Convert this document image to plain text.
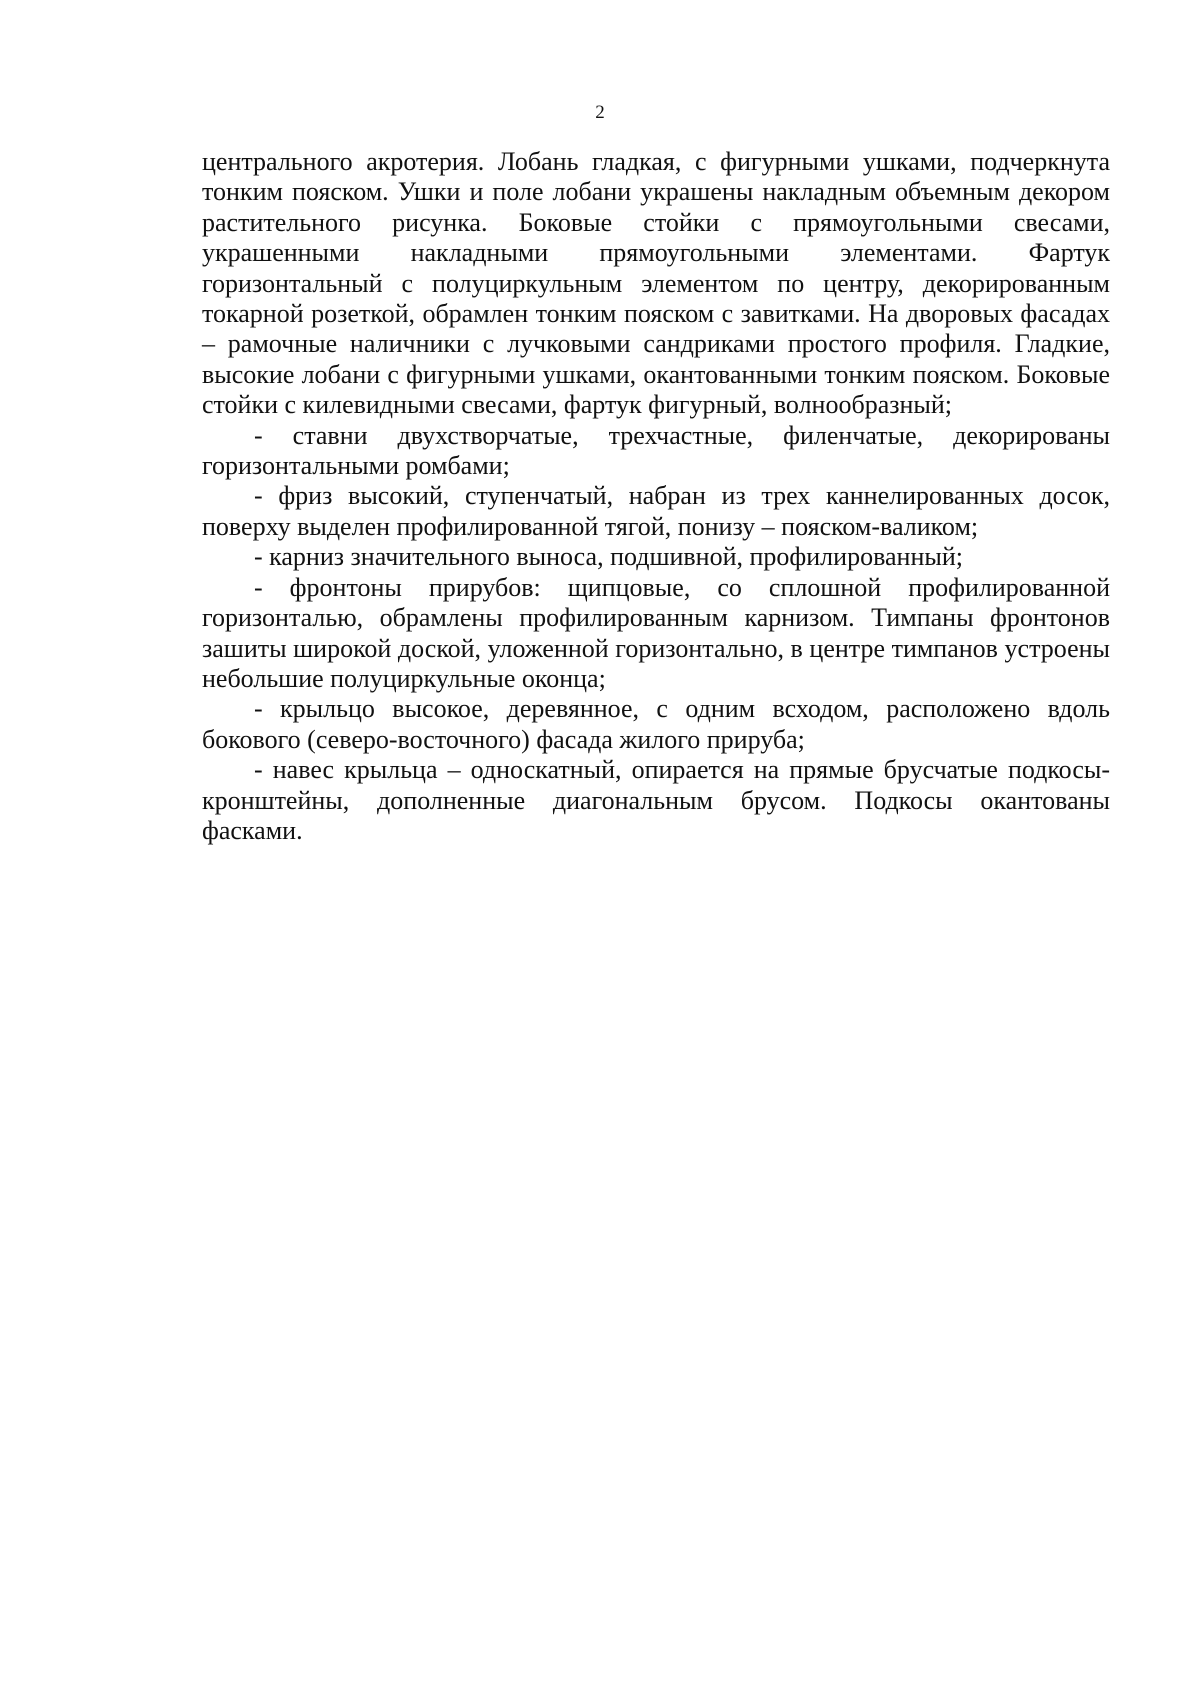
2

центрального акротерия. Лобань гладкая, с фигурными ушками, подчеркнута тонким пояском. Ушки и поле лобани украшены накладным объемным декором растительного рисунка. Боковые стойки с прямоугольными свесами, украшенными накладными прямоугольными элементами. Фартук горизонтальный с полуциркульным элементом по центру, декорированным токарной розеткой, обрамлен тонким пояском с завитками. На дворовых фасадах – рамочные наличники с лучковыми сандриками простого профиля. Гладкие, высокие лобани с фигурными ушками, окантованными тонким пояском. Боковые стойки с килевидными свесами, фартук фигурный, волнообразный;

- ставни двухстворчатые, трехчастные, филенчатые, декорированы горизонтальными ромбами;

- фриз высокий, ступенчатый, набран из трех каннелированных досок, поверху выделен профилированной тягой, понизу – пояском-валиком;

- карниз значительного выноса, подшивной, профилированный;

- фронтоны прирубов: щипцовые, со сплошной профилированной горизонталью, обрамлены профилированным карнизом. Тимпаны фронтонов зашиты широкой доской, уложенной горизонтально, в центре тимпанов устроены небольшие полуциркульные оконца;

- крыльцо высокое, деревянное, с одним всходом, расположено вдоль бокового (северо-восточного) фасада жилого прируба;

- навес крыльца – односкатный, опирается на прямые брусчатые подкосы-кронштейны, дополненные диагональным брусом. Подкосы окантованы фасками.
